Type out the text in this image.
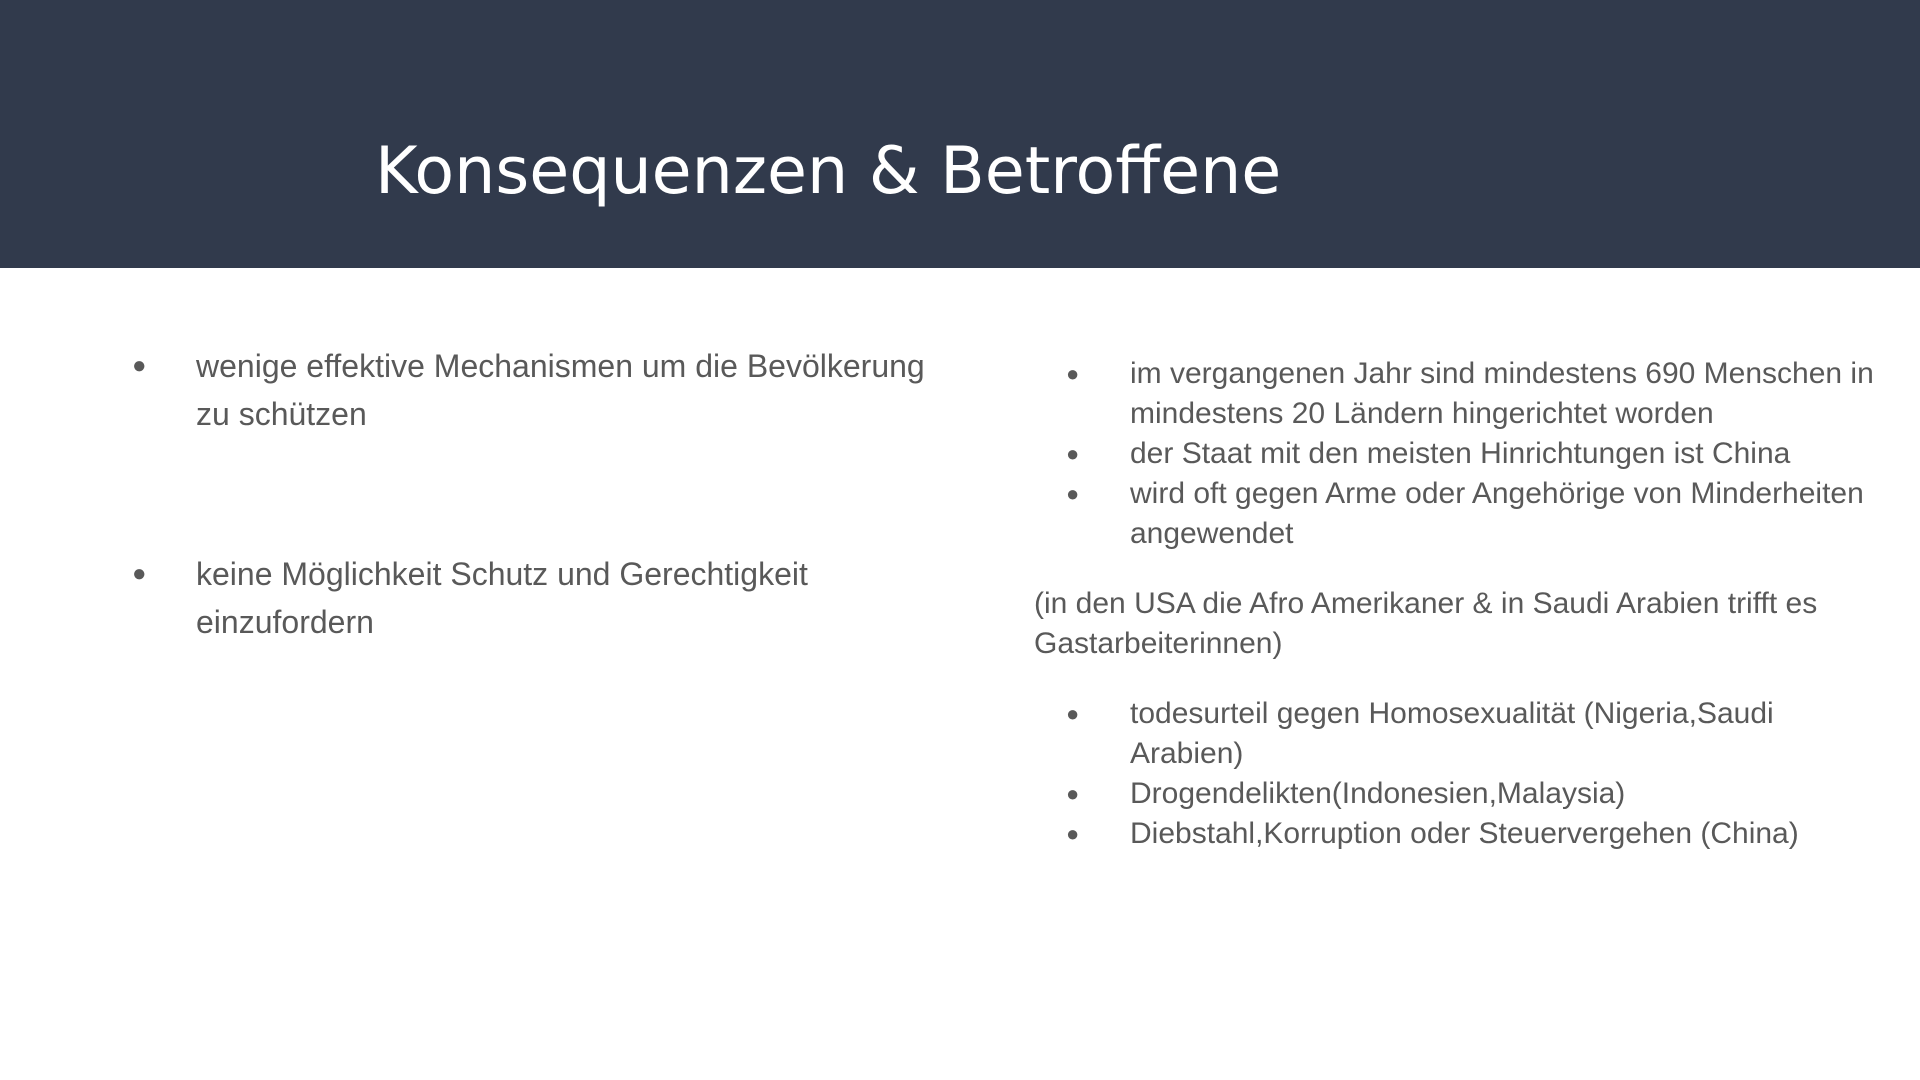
Konsequenzen & Betroffene
● wenige effektive Mechanismen um die Bevölkerung zu schützen
● keine Möglichkeit Schutz und Gerechtigkeit einzufordern
● im vergangenen Jahr sind mindestens 690 Menschen in mindestens 20 Ländern hingerichtet worden
● der Staat mit den meisten Hinrichtungen ist China
● wird oft gegen Arme oder Angehörige von Minderheiten angewendet

(in den USA die Afro Amerikaner & in Saudi Arabien trifft es Gastarbeiterinnen)

● todesurteil gegen Homosexualität (Nigeria,Saudi Arabien)
● Drogendelikten(Indonesien,Malaysia)
● Diebstahl,Korruption oder Steuervergehen (China)
